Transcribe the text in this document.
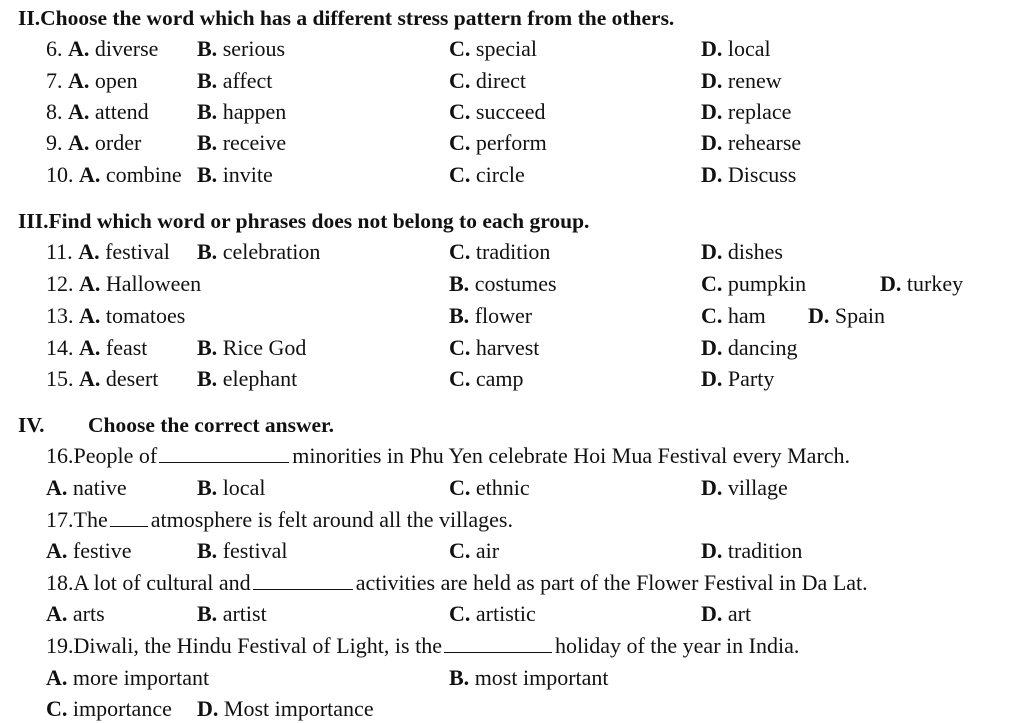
II.Choose the word which has a different stress pattern from the others.
6. A. diverse B. serious	C. special	D. local
7. A. open	B. affect	C. direct	D. renew
8. A. attend B. happen	C. succeed	D. replace
9. A. order	B. receive	C. perform	D. rehearse
10. A. combine B. invite	C. circle	D. Discuss
III.Find which word or phrases does not belong to each group.
11. A. festival B. celebration	C. tradition	D. dishes
12. A. Halloween	B. costumes	C. pumpkin	D. turkey
13. A. tomatoes	B. flower	C. ham D. Spain
14. A. feast B. Rice God	C. harvest	D. dancing
15. A. desert B. elephant	C. camp	D. Party
IV. Choose the correct answer.
16.People of	minorities in Phu Yen celebrate Hoi Mua Festival every March.
A. native	B. local	C. ethnic	D. village
17.The atmosphere is felt around all the villages.
A. festive	B. festival	C. air	D. tradition
18.A lot of cultural and	activities are held as part of the Flower Festival in Da Lat.
A. arts	B. artist	C. artistic	D. art
19.Diwali, the Hindu Festival of Light, is the	holiday of the year in India.
A. more important	B. most important
C. importance D. Most importance
